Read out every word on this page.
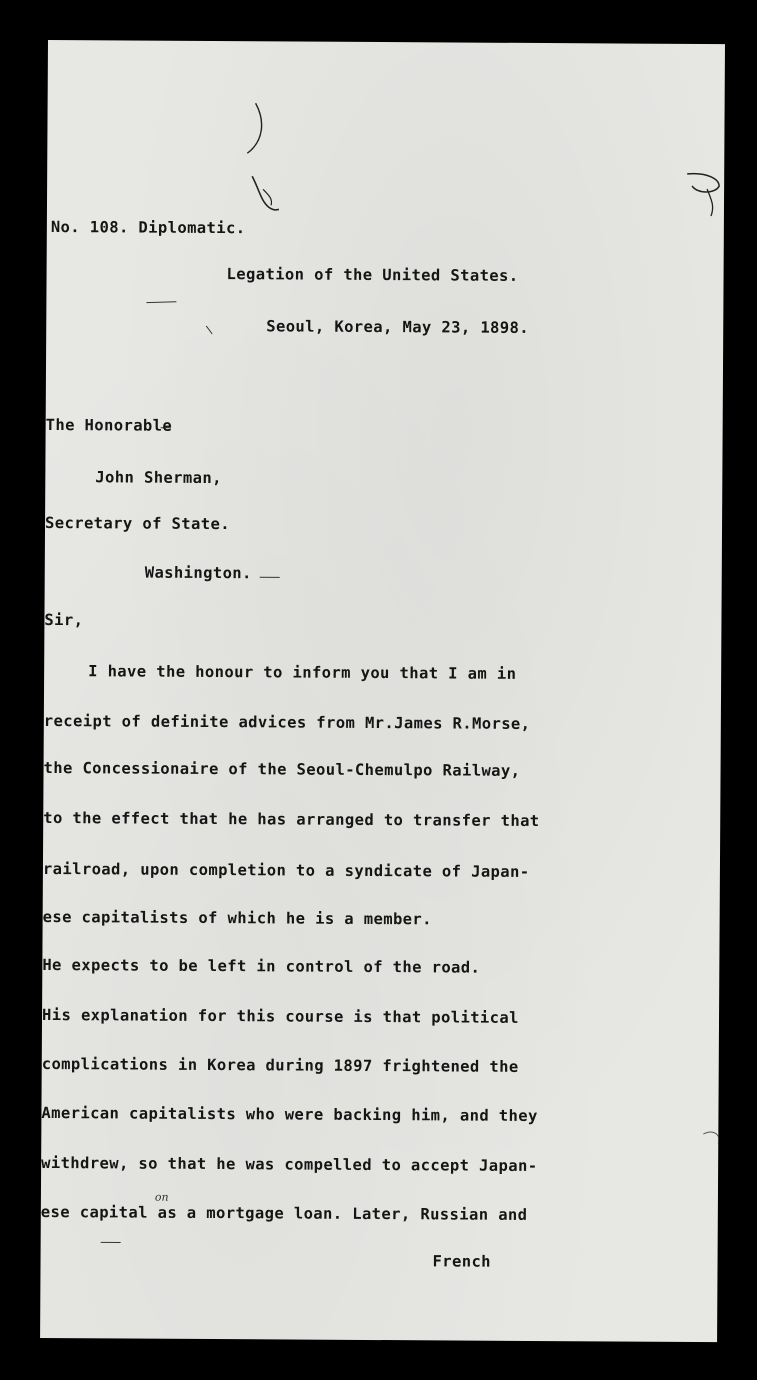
No. 108. Diplomatic.
Legation of the United States.
Seoul, Korea, May 23, 1898.
The Honorable
John Sherman,
Secretary of State.
Washington.
Sir,
I have the honour to inform you that I am in
receipt of definite advices from Mr.James R.Morse,
the Concessionaire of the Seoul-Chemulpo Railway,
to the effect that he has arranged to transfer that
railroad, upon completion to a syndicate of Japan-
ese capitalists of which he is a member.
He expects to be left in control of the road.
His explanation for this course is that political
complications in Korea during 1897 frightened the
American capitalists who were backing him, and they
withdrew, so that he was compelled to accept Japan-
ese capital as a mortgage loan. Later, Russian and
on
French
